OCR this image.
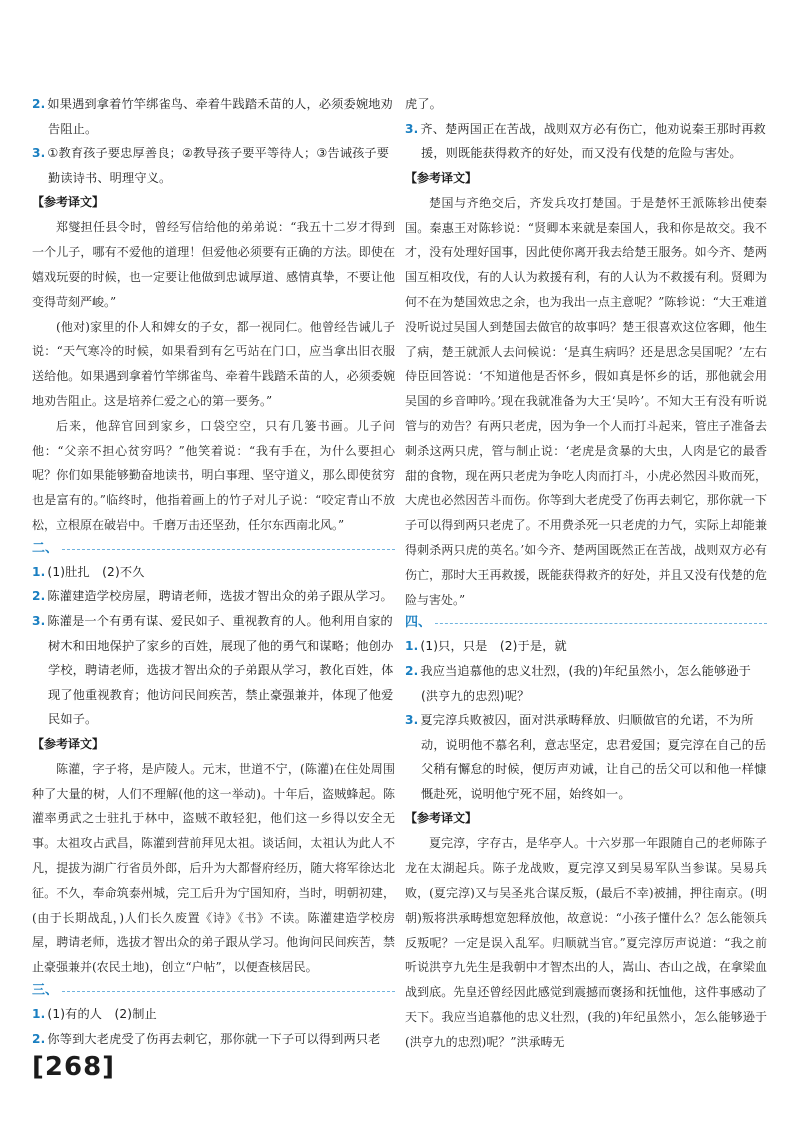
2. 如果遇到拿着竹竿绑雀鸟、牵着牛践踏禾苗的人，必须委婉地劝告阻止。

3. ①教育孩子要忠厚善良；②教导孩子要平等待人；③告诫孩子要勤读诗书、明理守义。

【参考译文】

郑燮担任县令时，曾经写信给他的弟弟说：“我五十二岁才得到一个儿子，哪有不爱他的道理！但爱他必须要有正确的方法。即使在嬉戏玩耍的时候，也一定要让他做到忠诚厚道、感情真挚，不要让他变得苛刻严峻。”

(他对)家里的仆人和婢女的子女，都一视同仁。他曾经告诫儿子说：“天气寒冷的时候，如果看到有乞丐站在门口，应当拿出旧衣服送给他。如果遇到拿着竹竿绑雀鸟、牵着牛践踏禾苗的人，必须委婉地劝告阻止。这是培养仁爱之心的第一要务。”

后来，他辞官回到家乡，口袋空空，只有几篓书画。儿子问他：“父亲不担心贫穷吗？”他笑着说：“我有手在，为什么要担心呢？你们如果能够勤奋地读书，明白事理、坚守道义，那么即使贫穷也是富有的。”临终时，他指着画上的竹子对儿子说：“咬定青山不放松，立根原在破岩中。千磨万击还坚劲，任尔东西南北风。”

二、

1. (1)肚扎　(2)不久

2. 陈灌建造学校房屋，聘请老师，选拔才智出众的弟子跟从学习。

3. 陈灌是一个有勇有谋、爱民如子、重视教育的人。他利用自家的树木和田地保护了家乡的百姓，展现了他的勇气和谋略；他创办学校，聘请老师，选拔才智出众的子弟跟从学习，教化百姓，体现了他重视教育；他访问民间疾苦，禁止豪强兼并，体现了他爱民如子。

【参考译文】

陈灌，字子将，是庐陵人。元末，世道不宁，(陈灌)在住处周围种了大量的树，人们不理解(他的这一举动)。十年后，盗贼蜂起。陈灌率勇武之士驻扎于林中，盗贼不敢轻犯，他们这一乡得以安全无事。太祖攻占武昌，陈灌到营前拜见太祖。谈话间，太祖认为此人不凡，提拔为湖广行省员外郎，后升为大都督府经历，随大将军徐达北征。不久，奉命筑泰州城，完工后升为宁国知府，当时，明朝初建，(由于长期战乱，)人们长久废置《诗》《书》不读。陈灌建造学校房屋，聘请老师，选拔才智出众的弟子跟从学习。他询问民间疾苦，禁止豪强兼并(农民土地)，创立“户帖”，以便查核居民。

三、

1. (1)有的人　(2)制止

2. 你等到大老虎受了伤再去刺它，那你就一下子可以得到两只老

虎了。

3. 齐、楚两国正在苦战，战则双方必有伤亡，他劝说秦王那时再救援，则既能获得救齐的好处，而又没有伐楚的危险与害处。

【参考译文】

楚国与齐绝交后，齐发兵攻打楚国。于是楚怀王派陈轸出使秦国。秦惠王对陈轸说：“贤卿本来就是秦国人，我和你是故交。我不才，没有处理好国事，因此使你离开我去给楚王服务。如今齐、楚两国互相攻伐，有的人认为救援有利，有的人认为不救援有利。贤卿为何不在为楚国效忠之余，也为我出一点主意呢？”陈轸说：“大王难道没听说过吴国人到楚国去做官的故事吗？楚王很喜欢这位客卿，他生了病，楚王就派人去问候说：‘是真生病吗？还是思念吴国呢？’左右侍臣回答说：‘不知道他是否怀乡，假如真是怀乡的话，那他就会用吴国的乡音呻吟。’现在我就准备为大王‘吴吟’。不知大王有没有听说管与的劝告？有两只老虎，因为争一个人而打斗起来，管庄子准备去刺杀这两只虎，管与制止说：‘老虎是贪暴的大虫，人肉是它的最香甜的食物，现在两只老虎为争吃人肉而打斗，小虎必然因斗败而死，大虎也必然因苦斗而伤。你等到大老虎受了伤再去刺它，那你就一下子可以得到两只老虎了。不用费杀死一只老虎的力气，实际上却能兼得刺杀两只虎的英名。’如今齐、楚两国既然正在苦战，战则双方必有伤亡，那时大王再救援，既能获得救齐的好处，并且又没有伐楚的危险与害处。”

四、

1. (1)只，只是　(2)于是，就

2. 我应当追慕他的忠义壮烈，(我的)年纪虽然小，怎么能够逊于(洪亨九的忠烈)呢？

3. 夏完淳兵败被囚，面对洪承畴释放、归顺做官的允诺，不为所动，说明他不慕名利，意志坚定，忠君爱国；夏完淳在自己的岳父稍有懈怠的时候，便厉声劝诫，让自己的岳父可以和他一样慷慨赴死，说明他宁死不屈，始终如一。

【参考译文】

夏完淳，字存古，是华亭人。十六岁那一年跟随自己的老师陈子龙在太湖起兵。陈子龙战败，夏完淳又到吴易军队当参谋。吴易兵败，(夏完淳)又与吴圣兆合谋反叛，(最后不幸)被捕，押往南京。(明朝)叛将洪承畴想宽恕释放他，故意说：“小孩子懂什么？怎么能领兵反叛呢？一定是误入乱军。归顺就当官。”夏完淳厉声说道：“我之前听说洪亨九先生是我朝中才智杰出的人，嵩山、杏山之战，在拿梁血战到底。先皇还曾经因此感觉到震撼而褒扬和抚恤他，这件事感动了天下。我应当追慕他的忠义壮烈，(我的)年纪虽然小，怎么能够逊于(洪亨九的忠烈)呢？”洪承畴无

[268]
